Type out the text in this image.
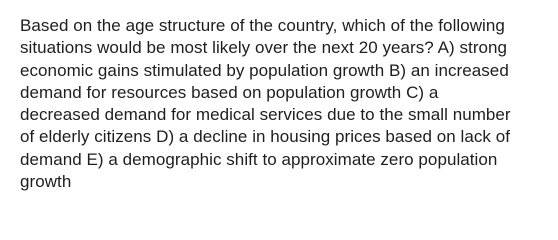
Based on the age structure of the country, which of the following
situations would be most likely over the next 20 years? A) strong
economic gains stimulated by population growth B) an increased
demand for resources based on population growth C) a
decreased demand for medical services due to the small number
of elderly citizens D) a decline in housing prices based on lack of
demand E) a demographic shift to approximate zero population
growth
